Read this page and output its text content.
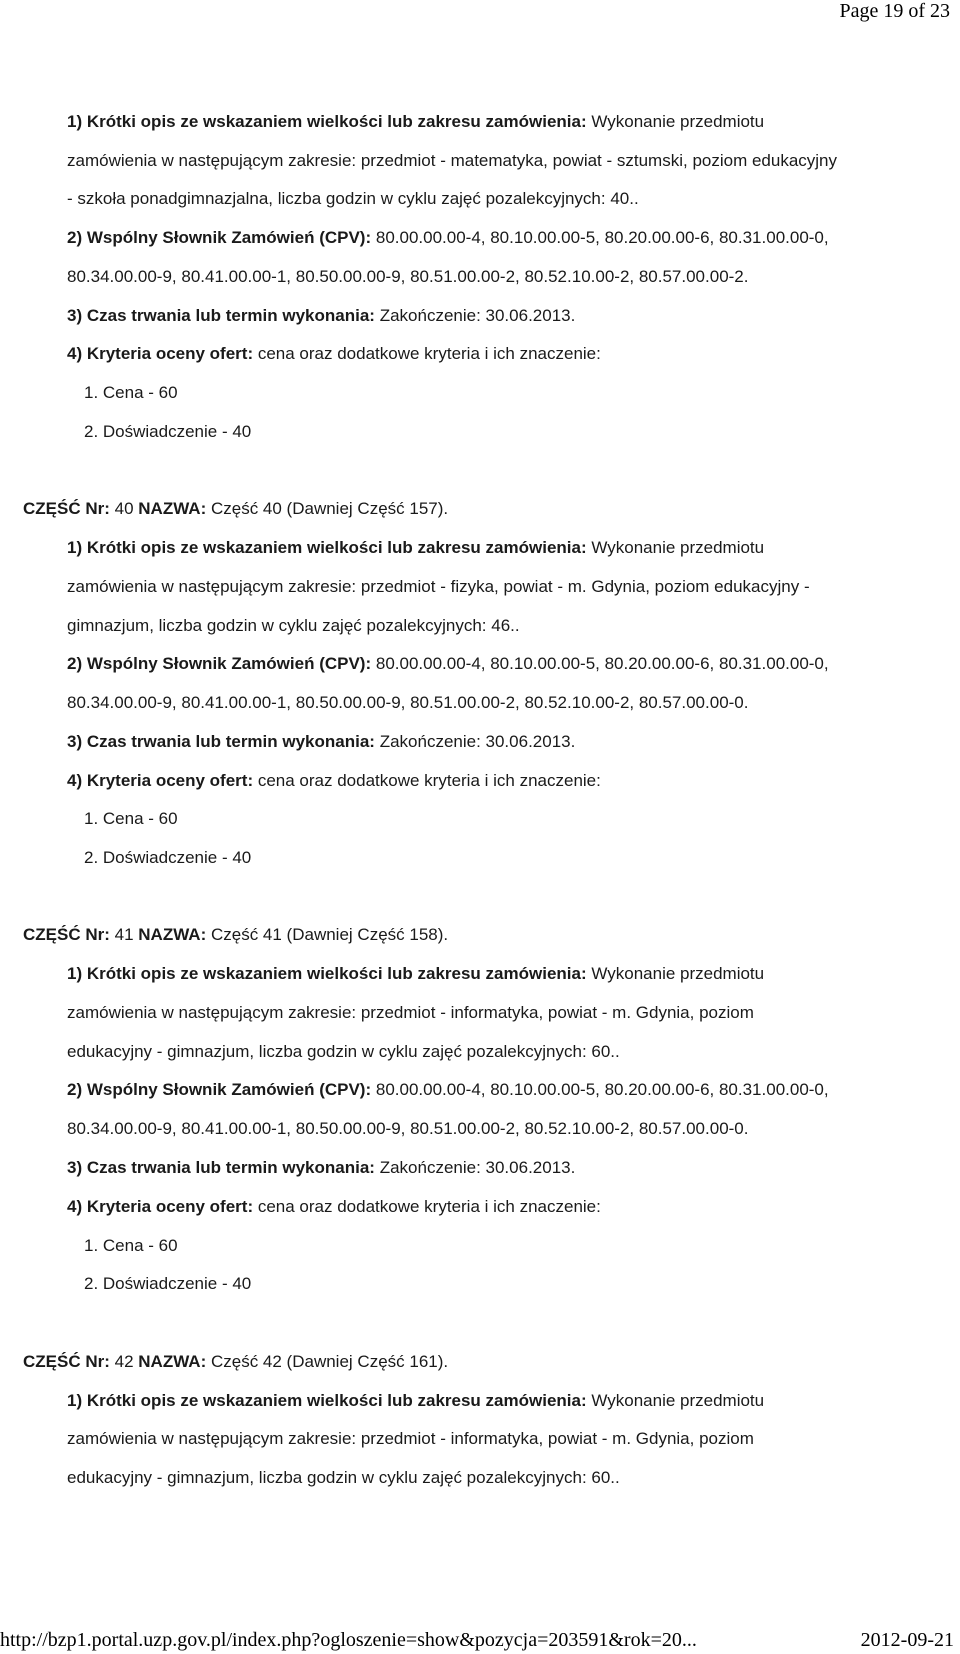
Page 19 of 23
1) Krótki opis ze wskazaniem wielkości lub zakresu zamówienia: Wykonanie przedmiotu
zamówienia w następującym zakresie: przedmiot - matematyka, powiat - sztumski, poziom edukacyjny
- szkoła ponadgimnazjalna, liczba godzin w cyklu zajęć pozalekcyjnych: 40..
2) Wspólny Słownik Zamówień (CPV): 80.00.00.00-4, 80.10.00.00-5, 80.20.00.00-6, 80.31.00.00-0,
80.34.00.00-9, 80.41.00.00-1, 80.50.00.00-9, 80.51.00.00-2, 80.52.10.00-2, 80.57.00.00-2.
3) Czas trwania lub termin wykonania: Zakończenie: 30.06.2013.
4) Kryteria oceny ofert: cena oraz dodatkowe kryteria i ich znaczenie:
1. Cena - 60
2. Doświadczenie - 40
CZĘŚĆ Nr: 40 NAZWA: Część 40 (Dawniej Część 157).
1) Krótki opis ze wskazaniem wielkości lub zakresu zamówienia: Wykonanie przedmiotu
zamówienia w następującym zakresie: przedmiot - fizyka, powiat - m. Gdynia, poziom edukacyjny -
gimnazjum, liczba godzin w cyklu zajęć pozalekcyjnych: 46..
2) Wspólny Słownik Zamówień (CPV): 80.00.00.00-4, 80.10.00.00-5, 80.20.00.00-6, 80.31.00.00-0,
80.34.00.00-9, 80.41.00.00-1, 80.50.00.00-9, 80.51.00.00-2, 80.52.10.00-2, 80.57.00.00-0.
3) Czas trwania lub termin wykonania: Zakończenie: 30.06.2013.
4) Kryteria oceny ofert: cena oraz dodatkowe kryteria i ich znaczenie:
1. Cena - 60
2. Doświadczenie - 40
CZĘŚĆ Nr: 41 NAZWA: Część 41 (Dawniej Część 158).
1) Krótki opis ze wskazaniem wielkości lub zakresu zamówienia: Wykonanie przedmiotu
zamówienia w następującym zakresie: przedmiot - informatyka, powiat - m. Gdynia, poziom
edukacyjny - gimnazjum, liczba godzin w cyklu zajęć pozalekcyjnych: 60..
2) Wspólny Słownik Zamówień (CPV): 80.00.00.00-4, 80.10.00.00-5, 80.20.00.00-6, 80.31.00.00-0,
80.34.00.00-9, 80.41.00.00-1, 80.50.00.00-9, 80.51.00.00-2, 80.52.10.00-2, 80.57.00.00-0.
3) Czas trwania lub termin wykonania: Zakończenie: 30.06.2013.
4) Kryteria oceny ofert: cena oraz dodatkowe kryteria i ich znaczenie:
1. Cena - 60
2. Doświadczenie - 40
CZĘŚĆ Nr: 42 NAZWA: Część 42 (Dawniej Część 161).
1) Krótki opis ze wskazaniem wielkości lub zakresu zamówienia: Wykonanie przedmiotu
zamówienia w następującym zakresie: przedmiot - informatyka, powiat - m. Gdynia, poziom
edukacyjny - gimnazjum, liczba godzin w cyklu zajęć pozalekcyjnych: 60..
http://bzp1.portal.uzp.gov.pl/index.php?ogloszenie=show&pozycja=203591&rok=20...	2012-09-21
